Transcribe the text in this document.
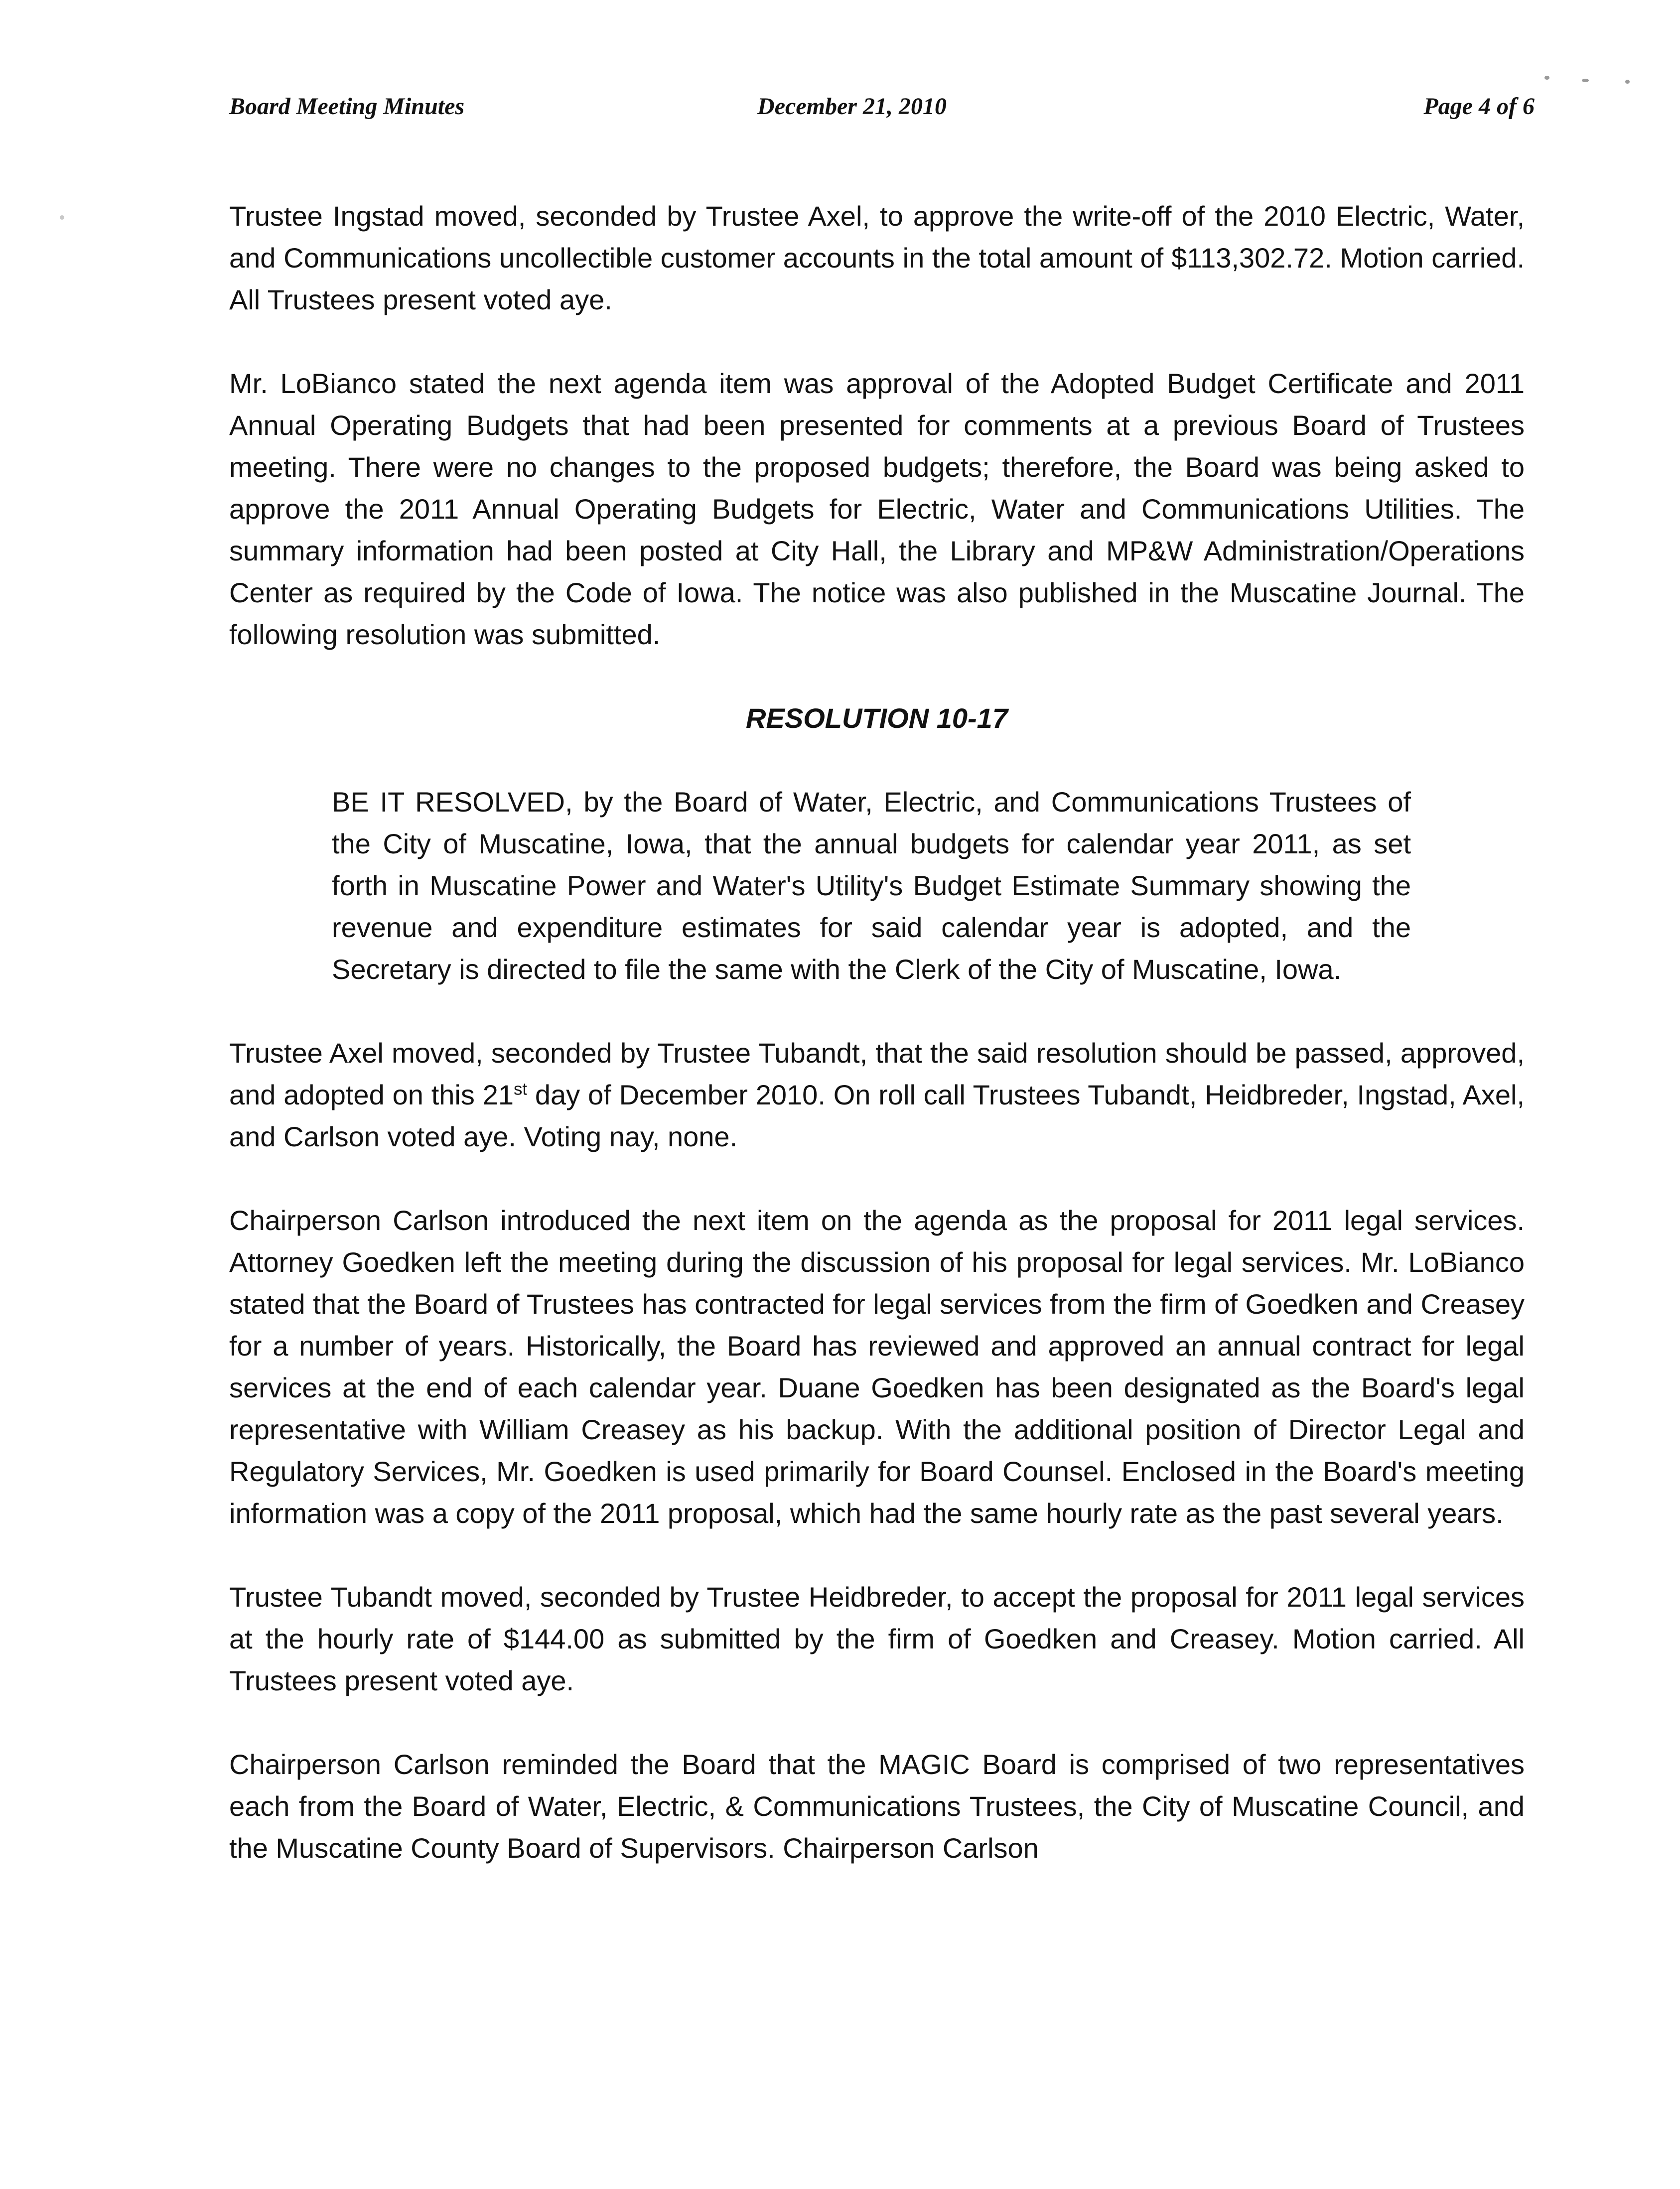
Board Meeting Minutes	December 21, 2010	Page 4 of 6

Trustee Ingstad moved, seconded by Trustee Axel, to approve the write-off of the 2010 Electric, Water, and Communications uncollectible customer accounts in the total amount of $113,302.72. Motion carried. All Trustees present voted aye.

Mr. LoBianco stated the next agenda item was approval of the Adopted Budget Certificate and 2011 Annual Operating Budgets that had been presented for comments at a previous Board of Trustees meeting. There were no changes to the proposed budgets; therefore, the Board was being asked to approve the 2011 Annual Operating Budgets for Electric, Water and Communications Utilities. The summary information had been posted at City Hall, the Library and MP&W Administration/Operations Center as required by the Code of Iowa. The notice was also published in the Muscatine Journal. The following resolution was submitted.

RESOLUTION 10-17

BE IT RESOLVED, by the Board of Water, Electric, and Communications Trustees of the City of Muscatine, Iowa, that the annual budgets for calendar year 2011, as set forth in Muscatine Power and Water's Utility's Budget Estimate Summary showing the revenue and expenditure estimates for said calendar year is adopted, and the Secretary is directed to file the same with the Clerk of the City of Muscatine, Iowa.

Trustee Axel moved, seconded by Trustee Tubandt, that the said resolution should be passed, approved, and adopted on this 21st day of December 2010. On roll call Trustees Tubandt, Heidbreder, Ingstad, Axel, and Carlson voted aye. Voting nay, none.

Chairperson Carlson introduced the next item on the agenda as the proposal for 2011 legal services. Attorney Goedken left the meeting during the discussion of his proposal for legal services. Mr. LoBianco stated that the Board of Trustees has contracted for legal services from the firm of Goedken and Creasey for a number of years. Historically, the Board has reviewed and approved an annual contract for legal services at the end of each calendar year. Duane Goedken has been designated as the Board's legal representative with William Creasey as his backup. With the additional position of Director Legal and Regulatory Services, Mr. Goedken is used primarily for Board Counsel. Enclosed in the Board's meeting information was a copy of the 2011 proposal, which had the same hourly rate as the past several years.

Trustee Tubandt moved, seconded by Trustee Heidbreder, to accept the proposal for 2011 legal services at the hourly rate of $144.00 as submitted by the firm of Goedken and Creasey. Motion carried. All Trustees present voted aye.

Chairperson Carlson reminded the Board that the MAGIC Board is comprised of two representatives each from the Board of Water, Electric, & Communications Trustees, the City of Muscatine Council, and the Muscatine County Board of Supervisors. Chairperson Carlson
